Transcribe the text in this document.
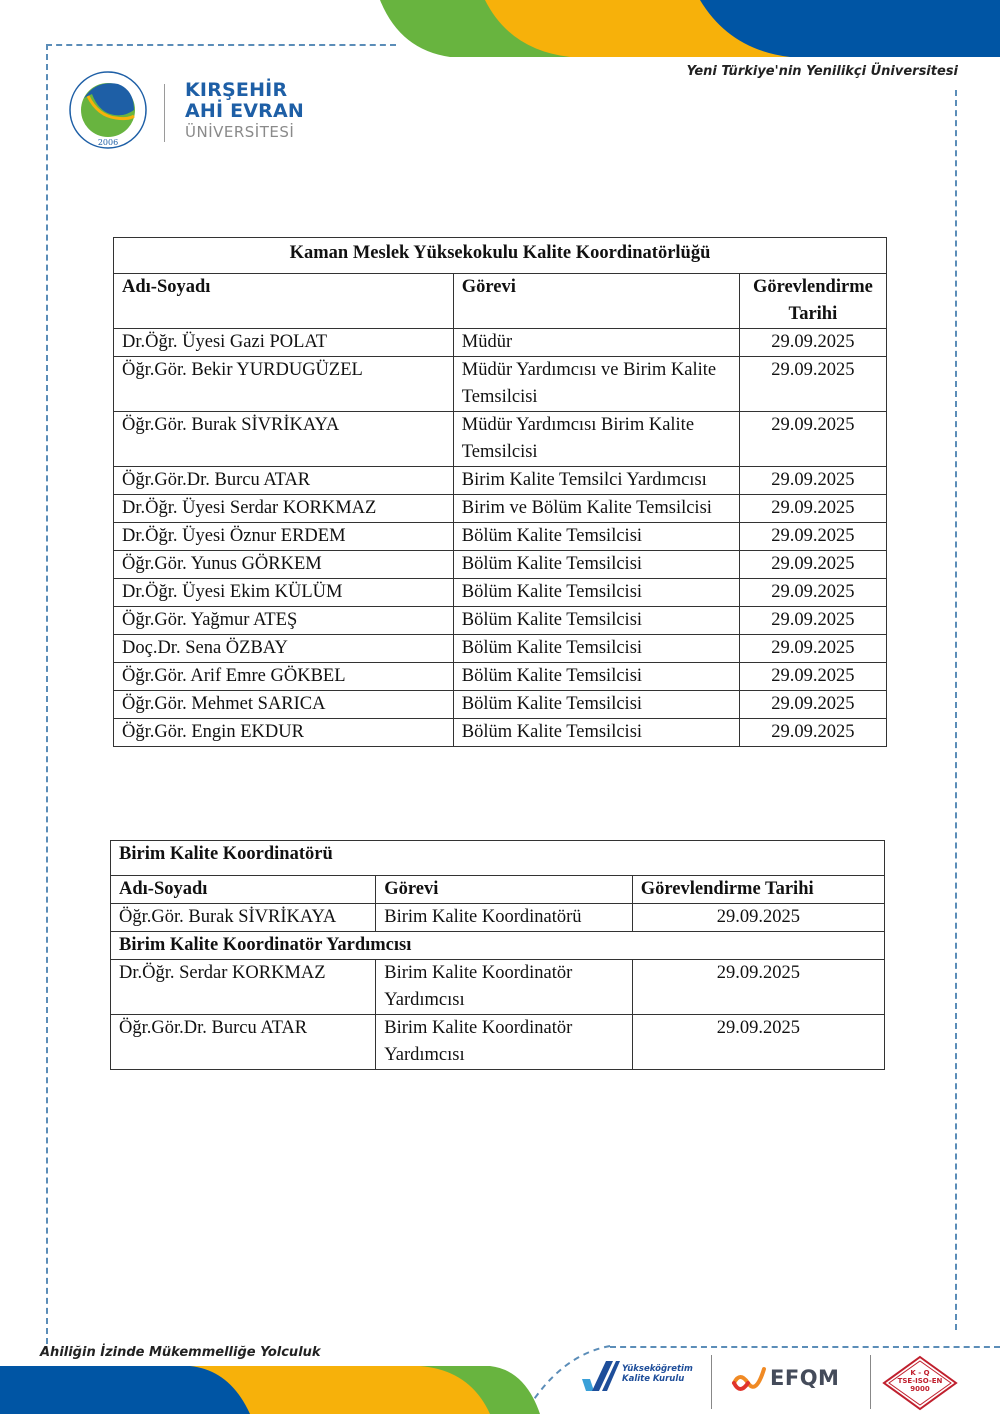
2006
KIRŞEHİR
AHİ EVRAN
ÜNİVERSİTESİ
Yeni Türkiye'nin Yenilikçi Üniversitesi
Kaman Meslek Yüksekokulu Kalite Koordinatörlüğü		
Adı-Soyadı	Görevi	Görevlendirme Tarihi
Dr.Öğr. Üyesi Gazi POLAT	Müdür	29.09.2025
Öğr.Gör. Bekir YURDUGÜZEL	Müdür Yardımcısı ve Birim Kalite Temsilcisi	29.09.2025
Öğr.Gör. Burak SİVRİKAYA	Müdür Yardımcısı Birim Kalite Temsilcisi	29.09.2025
Öğr.Gör.Dr. Burcu ATAR	Birim Kalite Temsilci Yardımcısı	29.09.2025
Dr.Öğr. Üyesi Serdar KORKMAZ	Birim ve Bölüm Kalite Temsilcisi	29.09.2025
Dr.Öğr. Üyesi Öznur ERDEM	Bölüm Kalite Temsilcisi	29.09.2025
Öğr.Gör. Yunus GÖRKEM	Bölüm Kalite Temsilcisi	29.09.2025
Dr.Öğr. Üyesi Ekim KÜLÜM	Bölüm Kalite Temsilcisi	29.09.2025
Öğr.Gör. Yağmur ATEŞ	Bölüm Kalite Temsilcisi	29.09.2025
Doç.Dr. Sena ÖZBAY	Bölüm Kalite Temsilcisi	29.09.2025
Öğr.Gör. Arif Emre GÖKBEL	Bölüm Kalite Temsilcisi	29.09.2025
Öğr.Gör. Mehmet SARICA	Bölüm Kalite Temsilcisi	29.09.2025
Öğr.Gör. Engin EKDUR	Bölüm Kalite Temsilcisi	29.09.2025
Birim Kalite Koordinatörü		
Adı-Soyadı	Görevi	Görevlendirme Tarihi
Öğr.Gör. Burak SİVRİKAYA	Birim Kalite Koordinatörü	29.09.2025
Birim Kalite Koordinatör Yardımcısı		
Dr.Öğr. Serdar KORKMAZ	Birim Kalite Koordinatör Yardımcısı	29.09.2025
Öğr.Gör.Dr. Burcu ATAR	Birim Kalite Koordinatör Yardımcısı	29.09.2025
Ahiliğin İzinde Mükemmelliğe Yolculuk
Yükseköğretim
Kalite Kurulu	EFQM	K - Q
TSE-ISO-EN
9000
